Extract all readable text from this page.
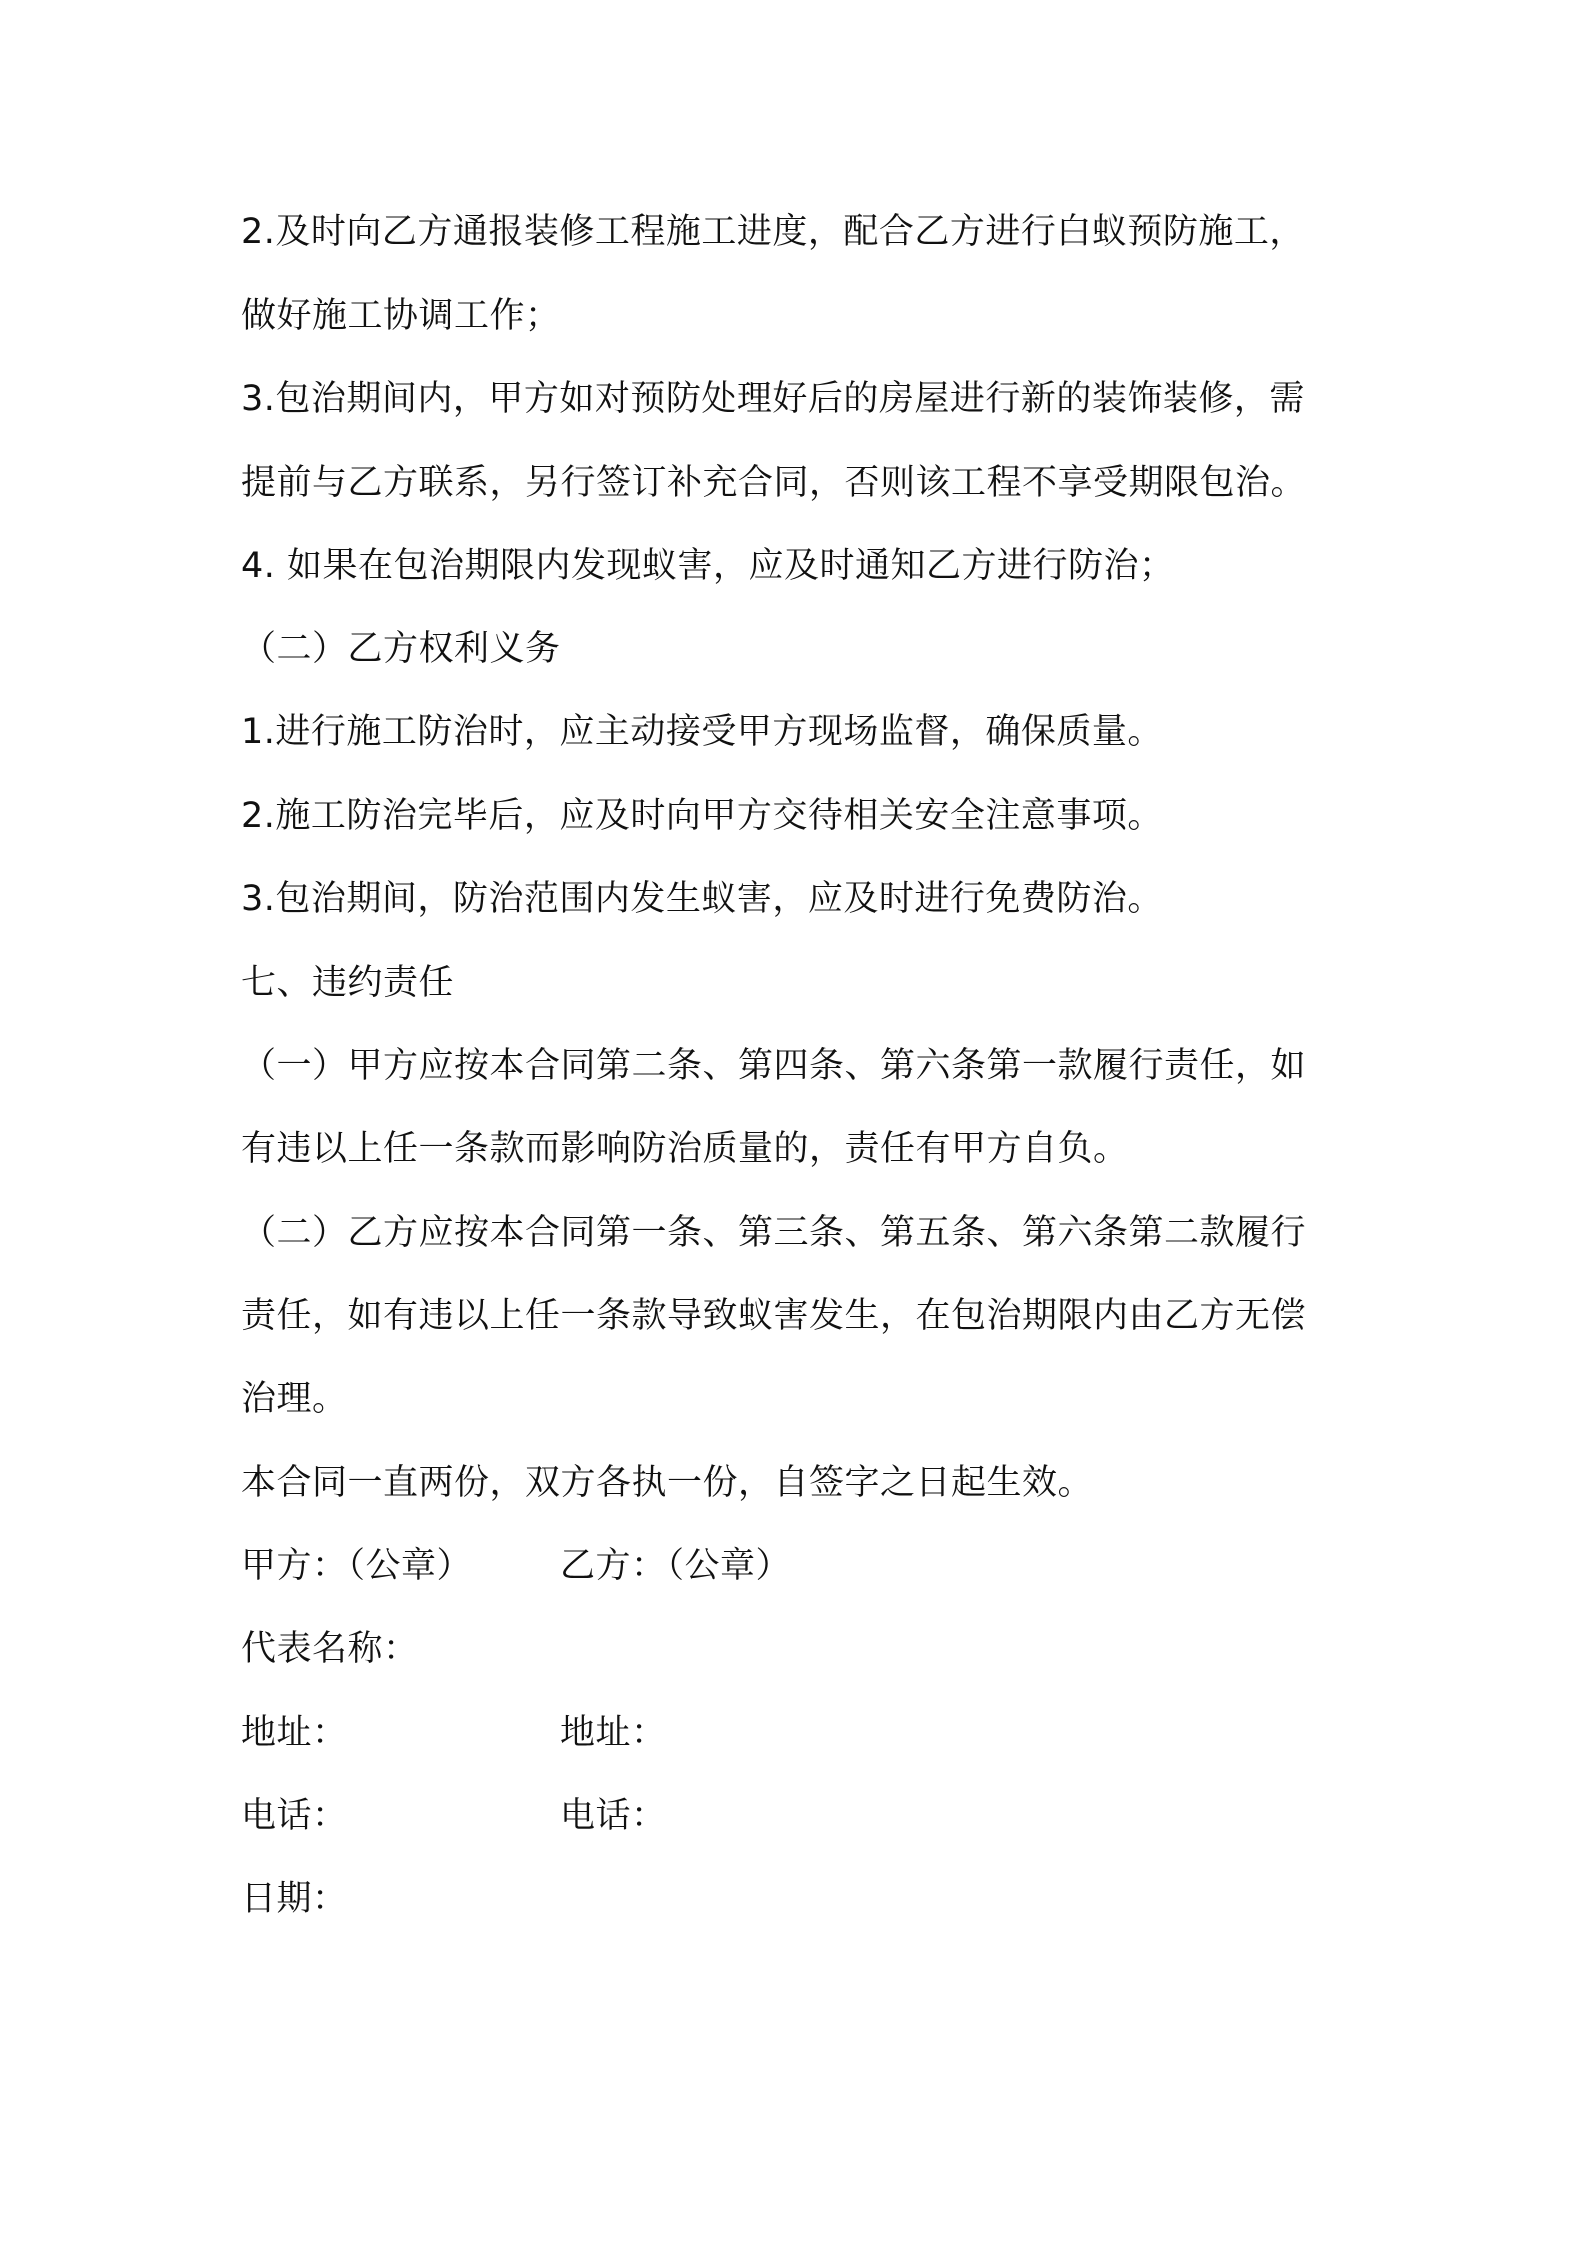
2.及时向乙方通报装修工程施工进度，配合乙方进行白蚁预防施工，
做好施工协调工作；
3.包治期间内，甲方如对预防处理好后的房屋进行新的装饰装修，需
提前与乙方联系，另行签订补充合同，否则该工程不享受期限包治。
4. 如果在包治期限内发现蚁害，应及时通知乙方进行防治；
（二）乙方权利义务
1.进行施工防治时，应主动接受甲方现场监督，确保质量。
2.施工防治完毕后，应及时向甲方交待相关安全注意事项。
3.包治期间，防治范围内发生蚁害，应及时进行免费防治。
七、违约责任
（一）甲方应按本合同第二条、第四条、第六条第一款履行责任，如
有违以上任一条款而影响防治质量的，责任有甲方自负。
（二）乙方应按本合同第一条、第三条、第五条、第六条第二款履行
责任，如有违以上任一条款导致蚁害发生，在包治期限内由乙方无偿
治理。
本合同一直两份，双方各执一份，自签字之日起生效。
甲方：（公章）	乙方：（公章）
代表名称：
地址：	地址：
电话：	电话：
日期：
